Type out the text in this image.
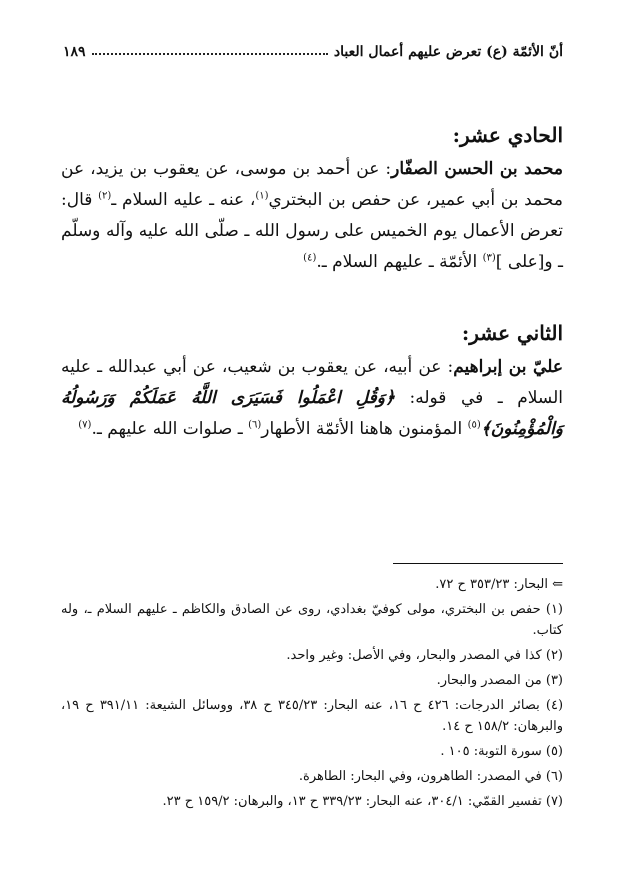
أنّ الأئمّة (ع) تعرض عليهم أعمال العباد
١٨٩
الحادي عشر:

محمد بن الحسن الصفّار: عن أحمد بن موسى، عن يعقوب بن يزيد، عن محمد بن أبي عمير، عن حفص بن البختري$^{(١)}$، عنه ـ عليه السلام ـ$^{(٢)}$ قال: تعرض الأعمال يوم الخميس على رسول الله ـ صلّى الله عليه وآله وسلّم ـ و[على ]$^{(٣)}$ الأئمّة ـ عليهم السلام ـ.$^{(٤)}$

الثاني عشر:

عليّ بن إبراهيم: عن أبيه، عن يعقوب بن شعيب، عن أبي عبدالله ـ عليه السلام ـ في قوله: ﴿وَقُلِ اعْمَلُوا فَسَيَرَى اللَّهُ عَمَلَكُمْ وَرَسُولُهُ وَالْمُؤْمِنُونَ﴾$^{(٥)}$ المؤمنون هاهنا الأئمّة الأطهار$^{(٦)}$ ـ صلوات الله عليهم ـ.$^{(٧)}$

⇐ البحار: ٣٥٣/٢٣ ح ٧٢.
(١) حفص بن البختري، مولى كوفيّ بغدادي، روى عن الصادق والكاظم ـ عليهم السلام ـ، وله كتاب.
(٢) كذا في المصدر والبحار، وفي الأصل: وغير واحد.
(٣) من المصدر والبحار.
(٤) بصائر الدرجات: ٤٢٦ ح ١٦، عنه البحار: ٣٤٥/٢٣ ح ٣٨، ووسائل الشيعة: ٣٩١/١١ ح ١٩، والبرهان: ١٥٨/٢ ح ١٤.
(٥) سورة التوبة: ١٠٥ .
(٦) في المصدر: الطاهرون، وفي البحار: الطاهرة.
(٧) تفسير القمّي: ٣٠٤/١، عنه البحار: ٣٣٩/٢٣ ح ١٣، والبرهان: ١٥٩/٢ ح ٢٣.
